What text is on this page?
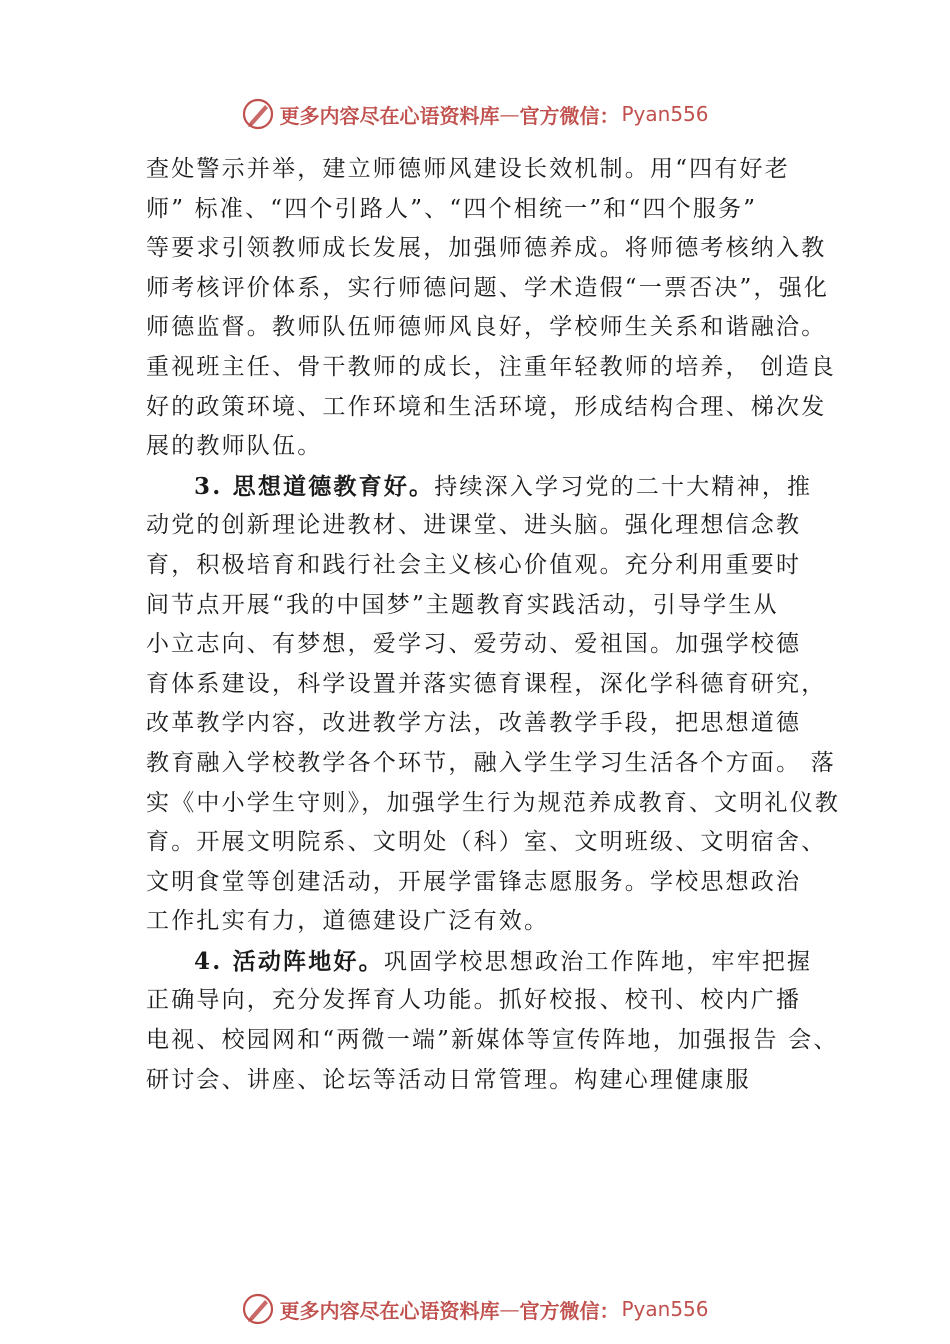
更多内容尽在心语资料库 — 官方微信： Pyan556
查处警示并举，建立师德师风建设长效机制。用“四有好老
师” 标准、“四个引路人”、“四个相统一”和“四个服务”
等要求引领教师成长发展，加强师德养成。将师德考核纳入教
师考核评价体系，实行师德问题、学术造假“一票否决”，强化
师德监督。教师队伍师德师风良好，学校师生关系和谐融洽。
重视班主任、骨干教师的成长，注重年轻教师的培养， 创造良
好的政策环境、工作环境和生活环境，形成结构合理、梯次发
展的教师队伍。
3. 思想道德教育好。持续深入学习党的二十大精神，推
动党的创新理论进教材、进课堂、进头脑。强化理想信念教
育，积极培育和践行社会主义核心价值观。充分利用重要时
间节点开展“我的中国梦”主题教育实践活动，引导学生从
小立志向、有梦想，爱学习、爱劳动、爱祖国。加强学校德
育体系建设，科学设置并落实德育课程，深化学科德育研究，
改革教学内容，改进教学方法，改善教学手段，把思想道德
教育融入学校教学各个环节，融入学生学习生活各个方面。 落
实《中小学生守则》，加强学生行为规范养成教育、文明礼仪教
育。开展文明院系、文明处（科）室、文明班级、文明宿舍、
文明食堂等创建活动，开展学雷锋志愿服务。学校思想政治
工作扎实有力，道德建设广泛有效。
4. 活动阵地好。巩固学校思想政治工作阵地，牢牢把握
正确导向，充分发挥育人功能。抓好校报、校刊、校内广播
电视、校园网和“两微一端”新媒体等宣传阵地，加强报告 会、
研讨会、讲座、论坛等活动日常管理。构建心理健康服
更多内容尽在心语资料库 — 官方微信： Pyan556
